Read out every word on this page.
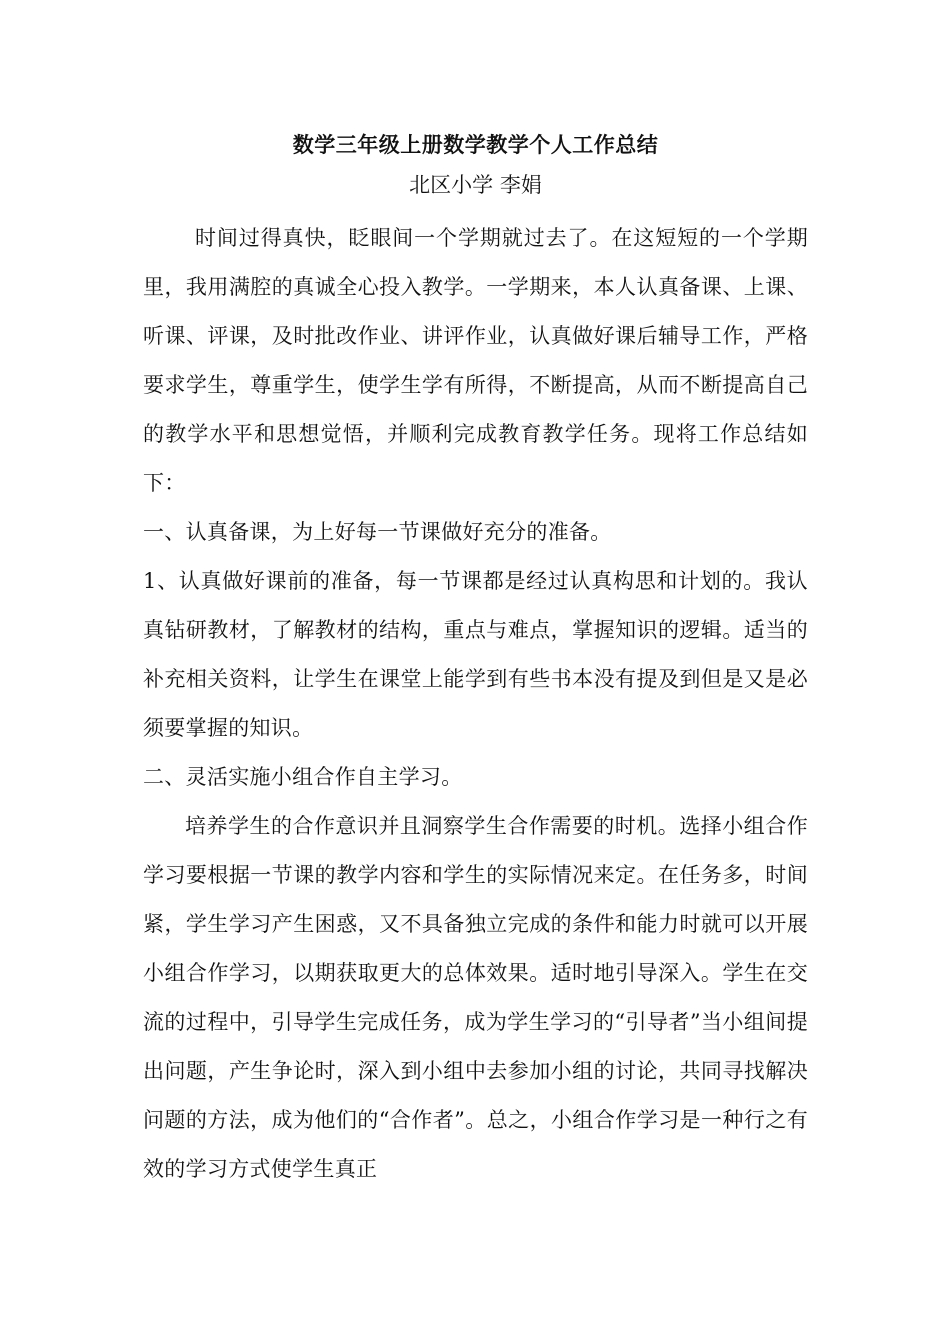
数学三年级上册数学教学个人工作总结

北区小学 李娟

时间过得真快，眨眼间一个学期就过去了。在这短短的一个学期里，我用满腔的真诚全心投入教学。一学期来，本人认真备课、上课、听课、评课，及时批改作业、讲评作业，认真做好课后辅导工作，严格要求学生，尊重学生，使学生学有所得，不断提高，从而不断提高自己的教学水平和思想觉悟，并顺利完成教育教学任务。现将工作总结如下：

一、认真备课，为上好每一节课做好充分的准备。

1、认真做好课前的准备，每一节课都是经过认真构思和计划的。我认真钻研教材，了解教材的结构，重点与难点，掌握知识的逻辑。适当的补充相关资料，让学生在课堂上能学到有些书本没有提及到但是又是必须要掌握的知识。

二、灵活实施小组合作自主学习。

培养学生的合作意识并且洞察学生合作需要的时机。选择小组合作学习要根据一节课的教学内容和学生的实际情况来定。在任务多，时间紧，学生学习产生困惑，又不具备独立完成的条件和能力时就可以开展小组合作学习，以期获取更大的总体效果。适时地引导深入。学生在交流的过程中，引导学生完成任务，成为学生学习的“引导者”当小组间提出问题，产生争论时，深入到小组中去参加小组的讨论，共同寻找解决问题的方法，成为他们的“合作者”。总之，小组合作学习是一种行之有效的学习方式使学生真正
